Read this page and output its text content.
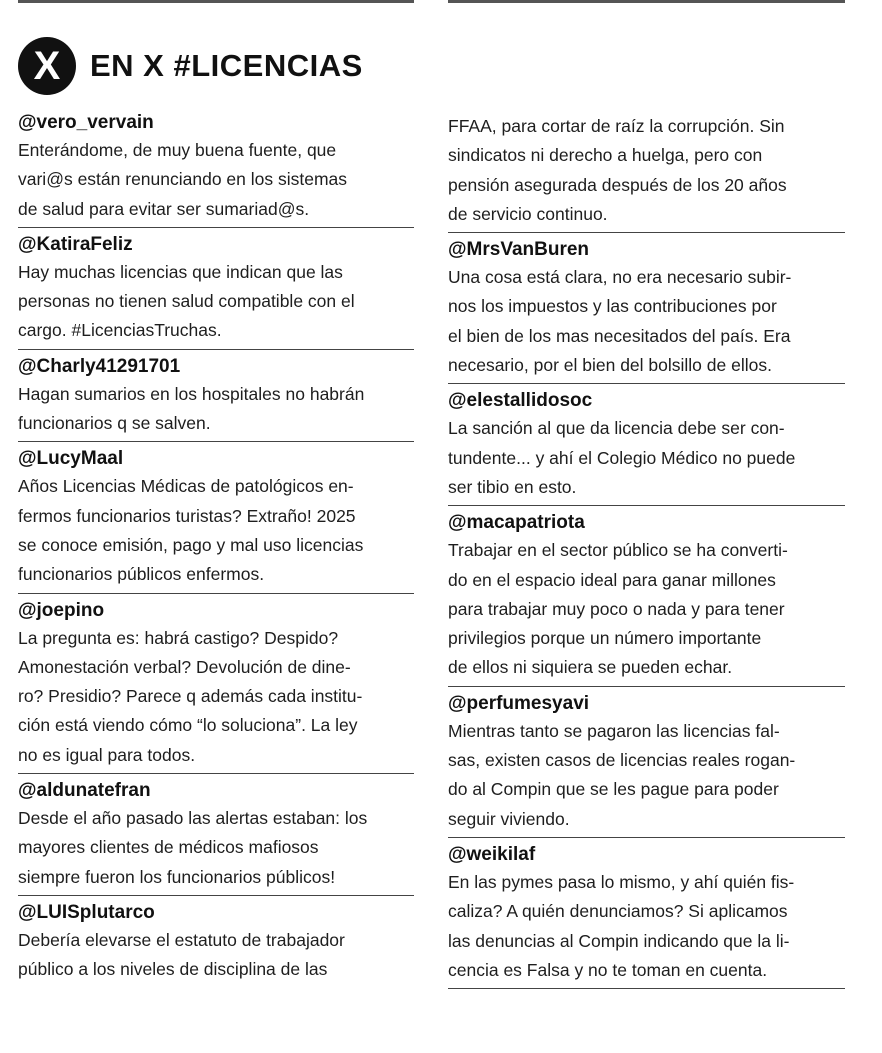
X EN X #LICENCIAS
@vero_vervain
Enterándome, de muy buena fuente, que
vari@s están renunciando en los sistemas
de salud para evitar ser sumariad@s.
@KatiraFeliz
Hay muchas licencias que indican que las
personas no tienen salud compatible con el
cargo. #LicenciasTruchas.
@Charly41291701
Hagan sumarios en los hospitales no habrán
funcionarios q se salven.
@LucyMaal
Años Licencias Médicas de patológicos en-
fermos funcionarios turistas? Extraño! 2025
se conoce emisión, pago y mal uso licencias
funcionarios públicos enfermos.
@joepino
La pregunta es: habrá castigo? Despido?
Amonestación verbal? Devolución de dine-
ro? Presidio? Parece q además cada institu-
ción está viendo cómo “lo soluciona”. La ley
no es igual para todos.
@aldunatefran
Desde el año pasado las alertas estaban: los
mayores clientes de médicos mafiosos
siempre fueron los funcionarios públicos!
@LUISplutarco
Debería elevarse el estatuto de trabajador
público a los niveles de disciplina de las
FFAA, para cortar de raíz la corrupción. Sin
sindicatos ni derecho a huelga, pero con
pensión asegurada después de los 20 años
de servicio continuo.
@MrsVanBuren
Una cosa está clara, no era necesario subir-
nos los impuestos y las contribuciones por
el bien de los mas necesitados del país. Era
necesario, por el bien del bolsillo de ellos.
@elestallidosoc
La sanción al que da licencia debe ser con-
tundente... y ahí el Colegio Médico no puede
ser tibio en esto.
@macapatriota
Trabajar en el sector público se ha converti-
do en el espacio ideal para ganar millones
para trabajar muy poco o nada y para tener
privilegios porque un número importante
de ellos ni siquiera se pueden echar.
@perfumesyavi
Mientras tanto se pagaron las licencias fal-
sas, existen casos de licencias reales rogan-
do al Compin que se les pague para poder
seguir viviendo.
@weikilaf
En las pymes pasa lo mismo, y ahí quién fis-
caliza? A quién denunciamos? Si aplicamos
las denuncias al Compin indicando que la li-
cencia es Falsa y no te toman en cuenta.
